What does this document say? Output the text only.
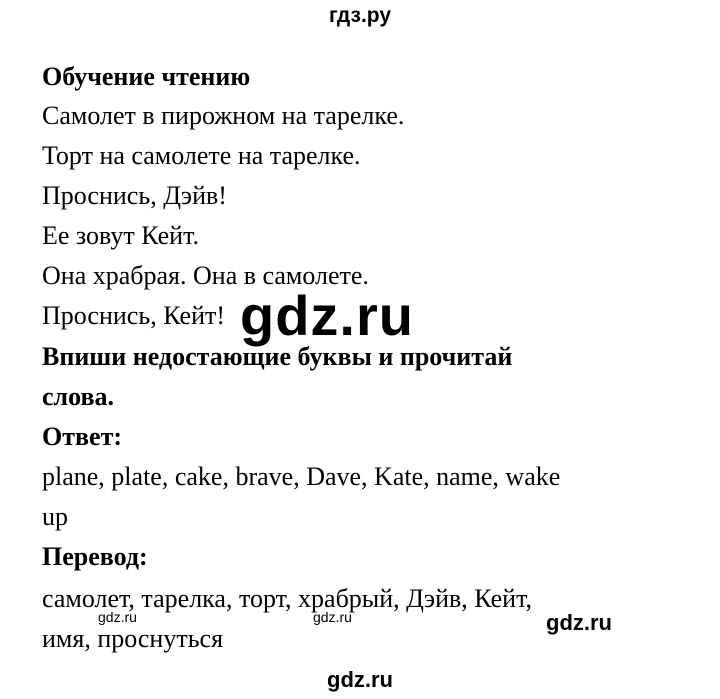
гдз.ру
Обучение чтению
Самолет в пирожном на тарелке.
Торт на самолете на тарелке.
Проснись, Дэйв!
Ее зовут Кейт.
Она храбрая. Она в самолете.
Проснись, Кейт! gdz.ru
Впиши недостающие буквы и прочитай
слова.
Ответ:
plane, plate, cake, brave, Dave, Kate, name, wake
up
Перевод:
самолет, тарелка, торт, храбрый, Дэйв, Кейт,
имя, проснуться
gdz.ru	gdz.ru	gdz.ru
gdz.ru
